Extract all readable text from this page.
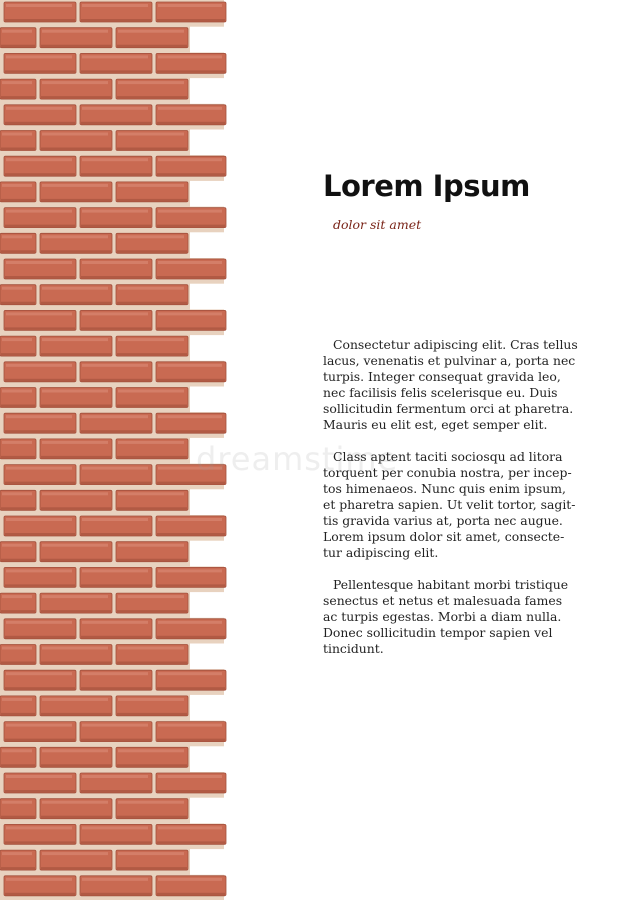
dreamstime
Lorem Ipsum
dolor sit amet

Consectetur adipiscing elit. Cras tellus
lacus, venenatis et pulvinar a, porta nec
turpis. Integer consequat gravida leo,
nec facilisis felis scelerisque eu. Duis
sollicitudin fermentum orci at pharetra.
Mauris eu elit est, eget semper elit.

Class aptent taciti sociosqu ad litora
torquent per conubia nostra, per incep-
tos himenaeos. Nunc quis enim ipsum,
et pharetra sapien. Ut velit tortor, sagit-
tis gravida varius at, porta nec augue.
Lorem ipsum dolor sit amet, consecte-
tur adipiscing elit.

Pellentesque habitant morbi tristique
senectus et netus et malesuada fames
ac turpis egestas. Morbi a diam nulla.
Donec sollicitudin tempor sapien vel
tincidunt.
